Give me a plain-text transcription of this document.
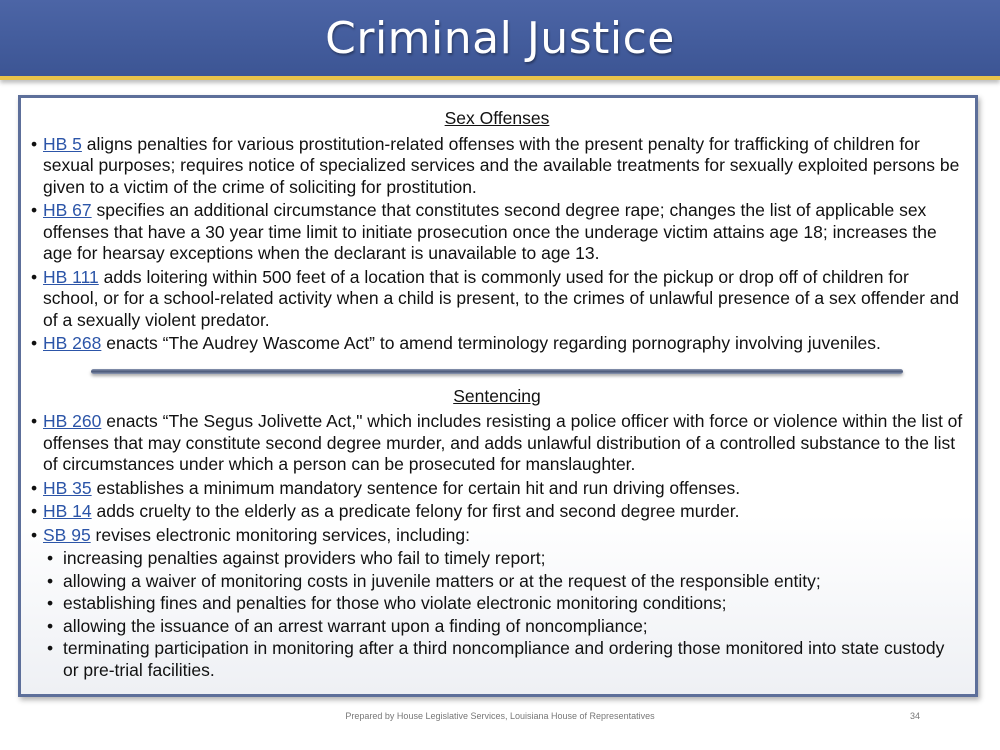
Criminal Justice
Sex Offenses
• HB 5 aligns penalties for various prostitution-related offenses with the present penalty for trafficking of children for sexual purposes; requires notice of specialized services and the available treatments for sexually exploited persons be given to a victim of the crime of soliciting for prostitution.
• HB 67 specifies an additional circumstance that constitutes second degree rape; changes the list of applicable sex offenses that have a 30 year time limit to initiate prosecution once the underage victim attains age 18; increases the age for hearsay exceptions when the declarant is unavailable to age 13.
• HB 111 adds loitering within 500 feet of a location that is commonly used for the pickup or drop off of children for school, or for a school-related activity when a child is present, to the crimes of unlawful presence of a sex offender and of a sexually violent predator.
• HB 268 enacts “The Audrey Wascome Act” to amend terminology regarding pornography involving juveniles.
Sentencing
• HB 260 enacts “The Segus Jolivette Act," which includes resisting a police officer with force or violence within the list of offenses that may constitute second degree murder, and adds unlawful distribution of a controlled substance to the list of circumstances under which a person can be prosecuted for manslaughter.
• HB 35 establishes a minimum mandatory sentence for certain hit and run driving offenses.
• HB 14 adds cruelty to the elderly as a predicate felony for first and second degree murder.
• SB 95 revises electronic monitoring services, including:
• increasing penalties against providers who fail to timely report;
• allowing a waiver of monitoring costs in juvenile matters or at the request of the responsible entity;
• establishing fines and penalties for those who violate electronic monitoring conditions;
• allowing the issuance of an arrest warrant upon a finding of noncompliance;
• terminating participation in monitoring after a third noncompliance and ordering those monitored into state custody or pre-trial facilities.
Prepared by House Legislative Services, Louisiana House of Representatives	34
